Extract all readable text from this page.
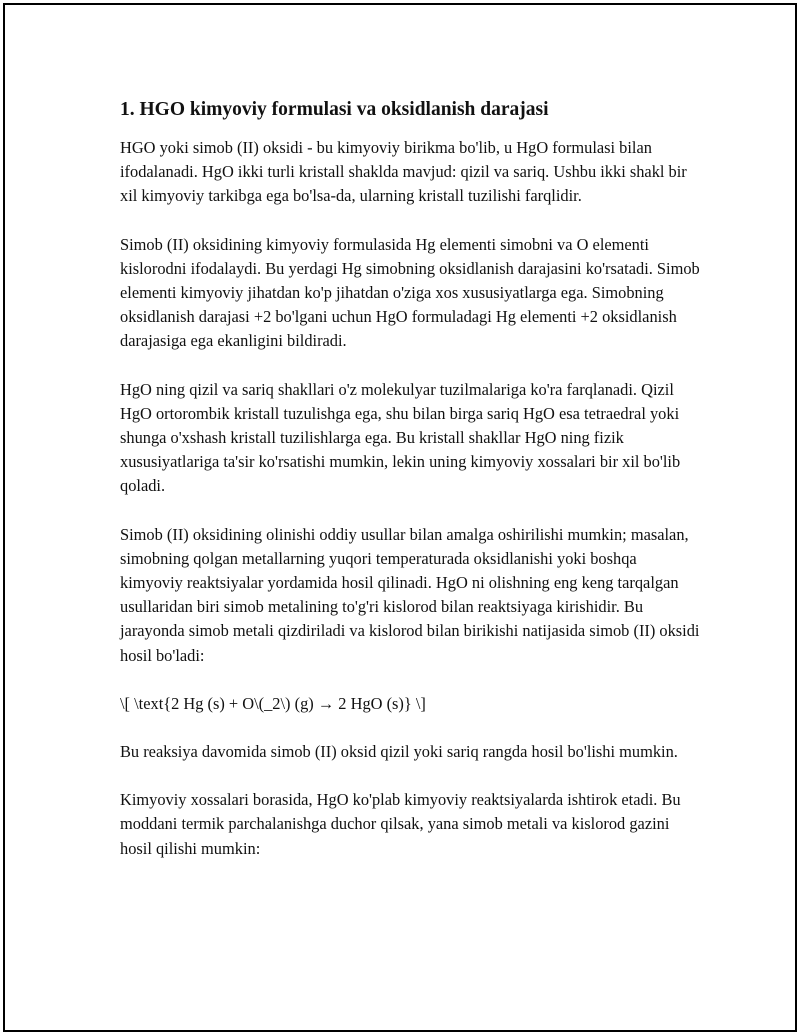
1. HGO kimyoviy formulasi va oksidlanish darajasi

HGO yoki simob (II) oksidi - bu kimyoviy birikma bo'lib, u HgO formulasi bilan ifodalanadi. HgO ikki turli kristall shaklda mavjud: qizil va sariq. Ushbu ikki shakl bir xil kimyoviy tarkibga ega bo'lsa-da, ularning kristall tuzilishi farqlidir.

Simob (II) oksidining kimyoviy formulasida Hg elementi simobni va O elementi kislorodni ifodalaydi. Bu yerdagi Hg simobning oksidlanish darajasini ko'rsatadi. Simob elementi kimyoviy jihatdan ko'p jihatdan o'ziga xos xususiyatlarga ega. Simobning oksidlanish darajasi +2 bo'lgani uchun HgO formuladagi Hg elementi +2 oksidlanish darajasiga ega ekanligini bildiradi.

HgO ning qizil va sariq shakllari o'z molekulyar tuzilmalariga ko'ra farqlanadi. Qizil HgO ortorombik kristall tuzulishga ega, shu bilan birga sariq HgO esa tetraedral yoki shunga o'xshash kristall tuzilishlarga ega. Bu kristall shakllar HgO ning fizik xususiyatlariga ta'sir ko'rsatishi mumkin, lekin uning kimyoviy xossalari bir xil bo'lib qoladi.

Simob (II) oksidining olinishi oddiy usullar bilan amalga oshirilishi mumkin; masalan, simobning qolgan metallarning yuqori temperaturada oksidlanishi yoki boshqa kimyoviy reaktsiyalar yordamida hosil qilinadi. HgO ni olishning eng keng tarqalgan usullaridan biri simob metalining to'g'ri kislorod bilan reaktsiyaga kirishidir. Bu jarayonda simob metali qizdiriladi va kislorod bilan birikishi natijasida simob (II) oksidi hosil bo'ladi:

\[ \text{2 Hg (s) + O\(_2\) (g) → 2 HgO (s)} \]

Bu reaksiya davomida simob (II) oksid qizil yoki sariq rangda hosil bo'lishi mumkin.

Kimyoviy xossalari borasida, HgO ko'plab kimyoviy reaktsiyalarda ishtirok etadi. Bu moddani termik parchalanishga duchor qilsak, yana simob metali va kislorod gazini hosil qilishi mumkin:
